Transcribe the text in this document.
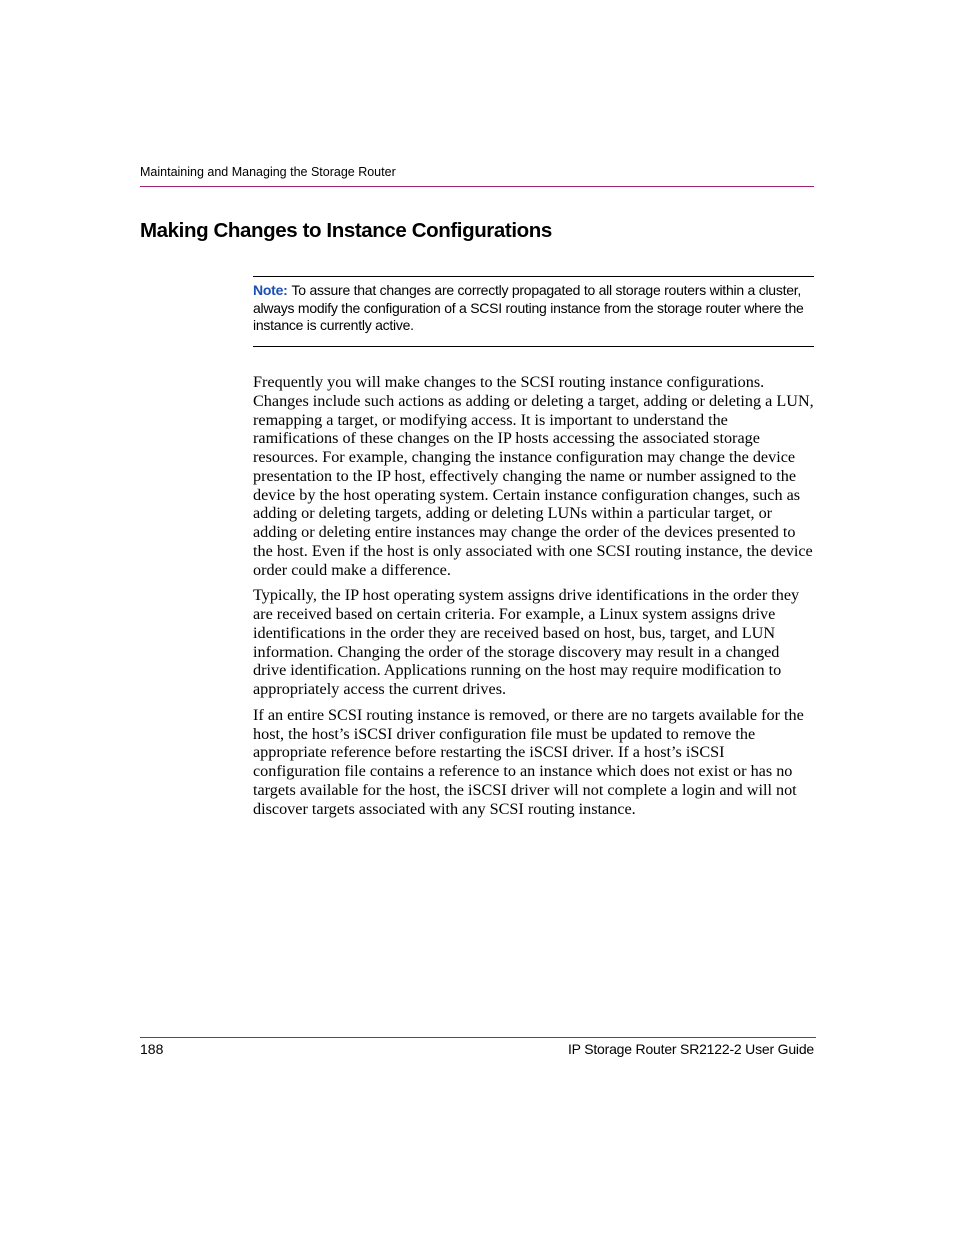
Maintaining and Managing the Storage Router
Making Changes to Instance Configurations
Note: To assure that changes are correctly propagated to all storage routers within a cluster, always modify the configuration of a SCSI routing instance from the storage router where the instance is currently active.

Frequently you will make changes to the SCSI routing instance configurations. Changes include such actions as adding or deleting a target, adding or deleting a LUN, remapping a target, or modifying access. It is important to understand the ramifications of these changes on the IP hosts accessing the associated storage resources. For example, changing the instance configuration may change the device presentation to the IP host, effectively changing the name or number assigned to the device by the host operating system. Certain instance configuration changes, such as adding or deleting targets, adding or deleting LUNs within a particular target, or adding or deleting entire instances may change the order of the devices presented to the host. Even if the host is only associated with one SCSI routing instance, the device order could make a difference.

Typically, the IP host operating system assigns drive identifications in the order they are received based on certain criteria. For example, a Linux system assigns drive identifications in the order they are received based on host, bus, target, and LUN information. Changing the order of the storage discovery may result in a changed drive identification. Applications running on the host may require modification to appropriately access the current drives.

If an entire SCSI routing instance is removed, or there are no targets available for the host, the host’s iSCSI driver configuration file must be updated to remove the appropriate reference before restarting the iSCSI driver. If a host’s iSCSI configuration file contains a reference to an instance which does not exist or has no targets available for the host, the iSCSI driver will not complete a login and will not discover targets associated with any SCSI routing instance.

188	IP Storage Router SR2122-2 User Guide
